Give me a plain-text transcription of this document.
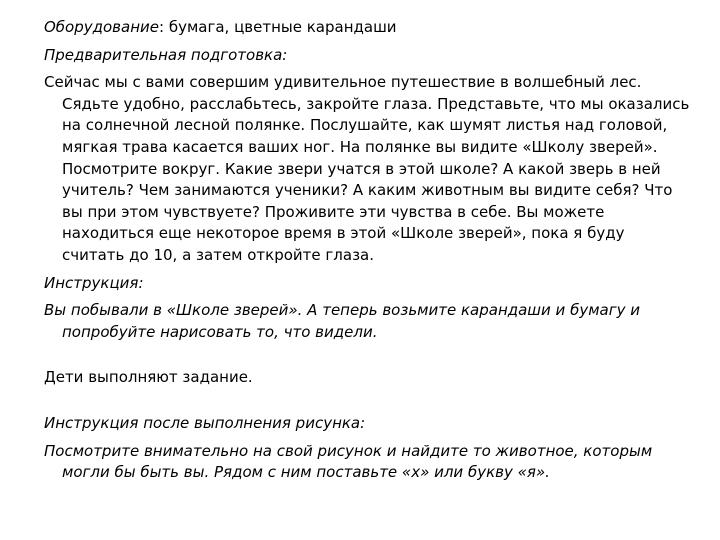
Оборудование: бумага, цветные карандаши

Предварительная подготовка:

Сейчас мы с вами совершим удивительное путешествие в волшебный лес. Сядьте удобно, расслабьтесь, закройте глаза. Представьте, что мы оказались на солнечной лесной полянке. Послушайте, как шумят листья над головой, мягкая трава касается ваших ног. На полянке вы видите «Школу зверей». Посмотрите вокруг. Какие звери учатся в этой школе? А какой зверь в ней учитель? Чем занимаются ученики? А каким животным вы видите себя? Что вы при этом чувствуете? Проживите эти чувства в себе. Вы можете находиться еще некоторое время в этой «Школе зверей», пока я буду считать до 10, а затем откройте глаза.

Инструкция:

Вы побывали в «Школе зверей». А теперь возьмите карандаши и бумагу и попробуйте нарисовать то, что видели.

Дети выполняют задание.

Инструкция после выполнения рисунка:

Посмотрите внимательно на свой рисунок и найдите то животное, которым могли бы быть вы. Рядом с ним поставьте «х» или букву «я».
